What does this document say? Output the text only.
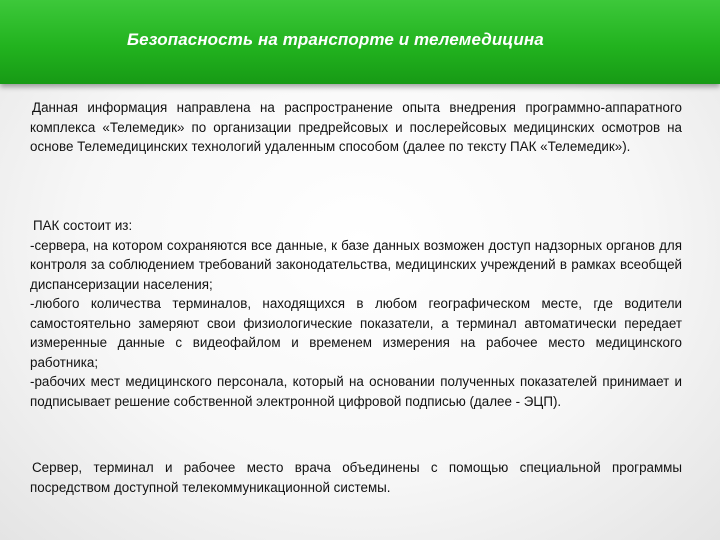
Безопасность на транспорте и телемедицина

Данная информация направлена на распространение опыта внедрения программно-аппаратного комплекса «Телемедик» по организации предрейсовых и послерейсовых медицинских осмотров на основе Телемедицинских технологий удаленным способом (далее по тексту ПАК «Телемедик»).

ПАК состоит из:

-сервера, на котором сохраняются все данные, к базе данных возможен доступ надзорных органов для контроля за соблюдением требований законодательства, медицинских учреждений в рамках всеобщей диспансеризации населения;

-любого количества терминалов, находящихся в любом географическом месте, где водители самостоятельно замеряют свои физиологические показатели, а терминал автоматически передает измеренные данные с видеофайлом и временем измерения на рабочее место медицинского работника;

-рабочих мест медицинского персонала, который на основании полученных показателей принимает и подписывает решение собственной электронной цифровой подписью (далее - ЭЦП).

Сервер, терминал и рабочее место врача объединены с помощью специальной программы посредством доступной телекоммуникационной системы.
